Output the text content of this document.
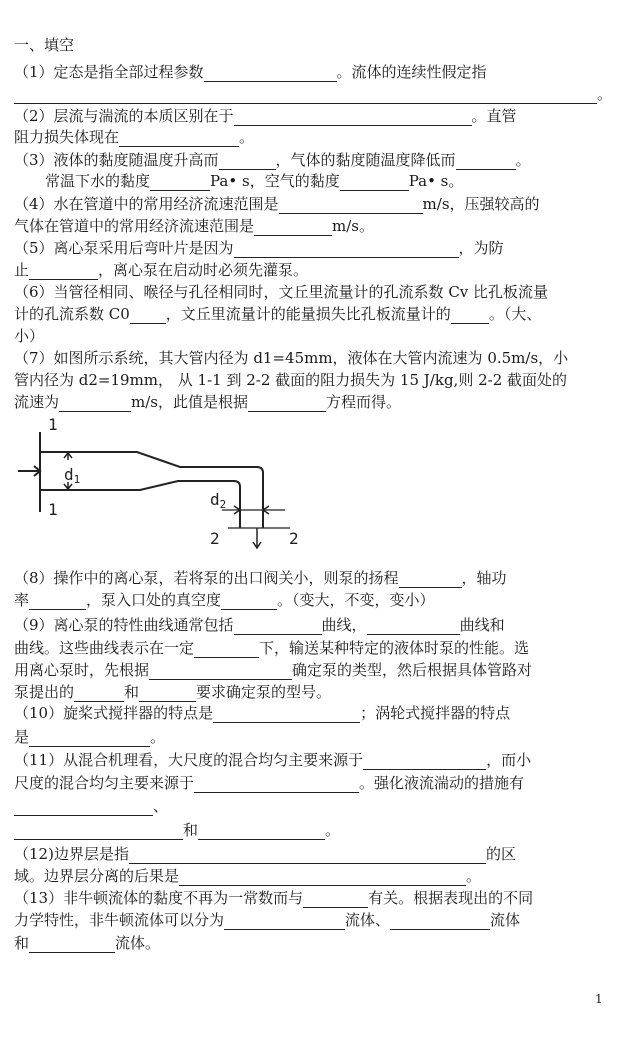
一、填空
（1）定态是指全部过程参数	。流体的连续性假定指
。
（2）层流与湍流的本质区别在于	。直管
阻力损失体现在	。
（3）液体的黏度随温度升高而	，气体的黏度随温度降低而	。
常温下水的黏度	Pa• s，空气的黏度	Pa• s。
（4）水在管道中的常用经济流速范围是	m/s，压强较高的
气体在管道中的常用经济流速范围是	m/s。
（5）离心泵采用后弯叶片是因为	，为防
止	，离心泵在启动时必须先灌泵。
（6）当管径相同、喉径与孔径相同时，文丘里流量计的孔流系数 Cv 比孔板流量
计的孔流系数 C0 ，文丘里流量计的能量损失比孔板流量计的	。（大、
小）
（7）如图所示系统，其大管内径为 d1=45mm，液体在大管内流速为 0.5m/s，小
管内径为 d2=19mm， 从 1-1 到 2-2 截面的阻力损失为 15 J/kg,则 2-2 截面处的
流速为	m/s，此值是根据	方程而得。
1
1
d1
d2
2	2
（8）操作中的离心泵，若将泵的出口阀关小，则泵的扬程	，轴功
率	，泵入口处的真空度	。（变大，不变，变小）
（9）离心泵的特性曲线通常包括	曲线，	曲线和
曲线。这些曲线表示在一定	下，输送某种特定的液体时泵的性能。选
用离心泵时，先根据	确定泵的类型，然后根据具体管路对
泵提出的	和	要求确定泵的型号。
（10）旋桨式搅拌器的特点是	；涡轮式搅拌器的特点
是	。
（11）从混合机理看，大尺度的混合均匀主要来源于	，而小
尺度的混合均匀主要来源于	。强化液流湍动的措施有
、
和	。
（12)边界层是指	的区
域。边界层分离的后果是	。
（13）非牛顿流体的黏度不再为一常数而与	有关。根据表现出的不同
力学特性，非牛顿流体可以分为	流体、	流体
和	流体。
1
